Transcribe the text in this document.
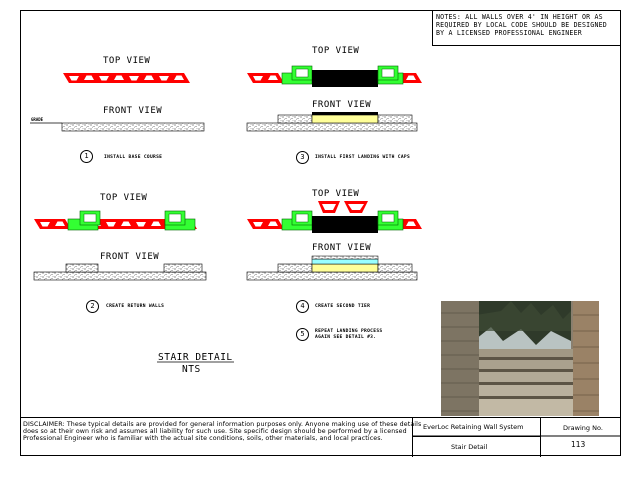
NOTES: ALL WALLS OVER 4' IN HEIGHT OR AS REQUIRED BY LOCAL CODE SHOULD BE DESIGNED BY A LICENSED PROFESSIONAL ENGINEER
TOP VIEW
FRONT VIEW
GRADE
TOP VIEW
FRONT VIEW
TOP VIEW
FRONT VIEW
TOP VIEW
FRONT VIEW
1	INSTALL BASE COURSE
2	CREATE RETURN WALLS
3	INSTALL FIRST LANDING WITH CAPS
4	CREATE SECOND TIER
5	REPEAT LANDING PROCESS
AGAIN SEE DETAIL #3.
STAIR DETAIL
NTS
DISCLAIMER: These typical details are provided for general information purposes only. Anyone making use of these details does so at their own risk and assumes all liability for such use. Site specific design should be performed by a licensed Professional Engineer who is familiar with the actual site conditions, soils, other materials, and local practices.
EverLoc Retaining Wall System
Stair Detail
Drawing No.
113
